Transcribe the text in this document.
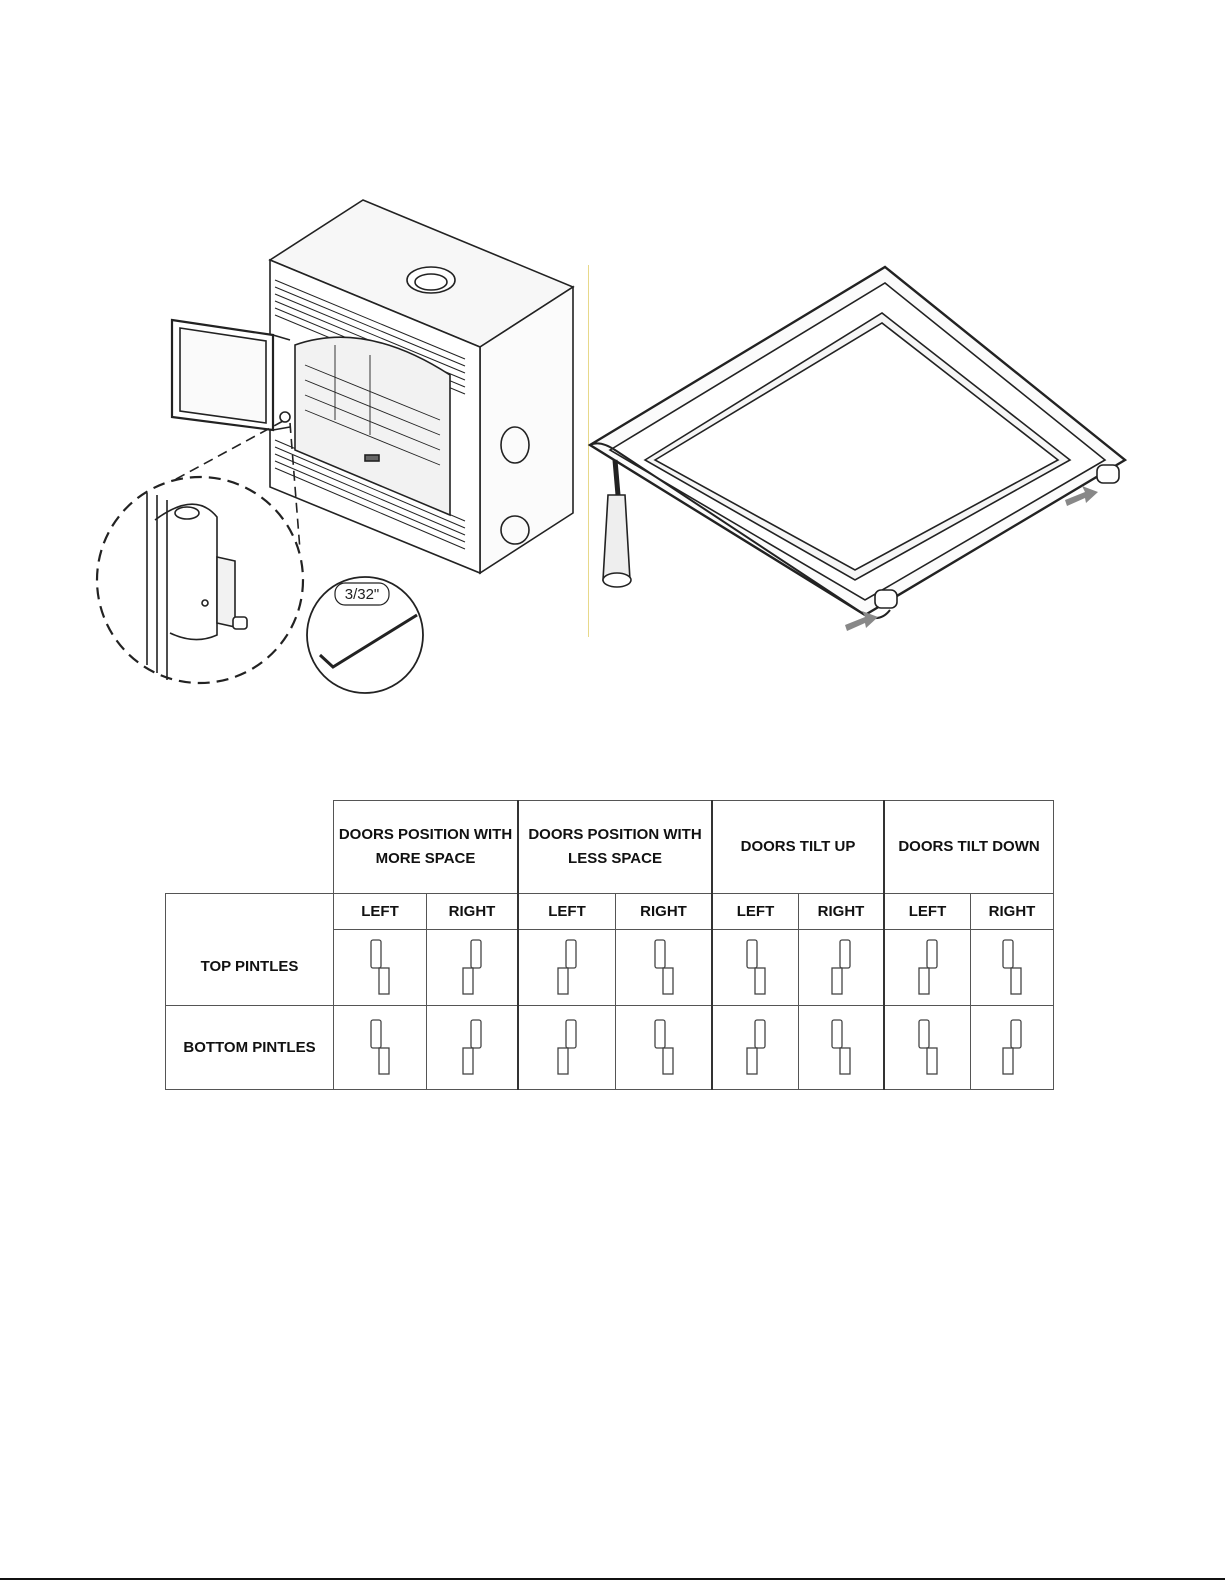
3/32"
	DOORS POSITION WITH MORE SPACE		DOORS POSITION WITH LESS SPACE		DOORS TILT UP		DOORS TILT DOWN	
	LEFT	RIGHT	LEFT	RIGHT	LEFT	RIGHT	LEFT	RIGHT
TOP PINTLES	

BOTTOM PINTLES	
